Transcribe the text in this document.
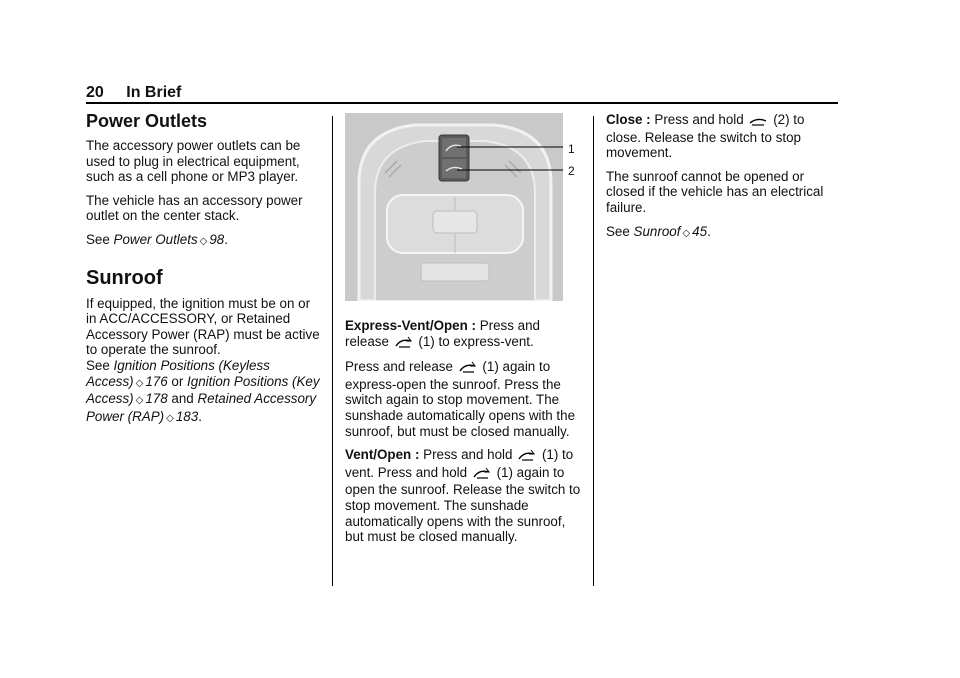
20 In Brief
Power Outlets

The accessory power outlets can be used to plug in electrical equipment, such as a cell phone or MP3 player.

The vehicle has an accessory power outlet on the center stack.

See Power Outlets ◇ 98.

Sunroof

If equipped, the ignition must be on or in ACC/ACCESSORY, or Retained Accessory Power (RAP) must be active to operate the sunroof.

See Ignition Positions (Keyless Access) ◇ 176 or Ignition Positions (Key Access) ◇ 178 and Retained Accessory Power (RAP) ◇ 183.

1
2

Express-Vent/Open : Press and release (1) to express-vent.

Press and release (1) again to express-open the sunroof. Press the switch again to stop movement. The sunshade automatically opens with the sunroof, but must be closed manually.

Vent/Open : Press and hold (1) to vent. Press and hold (1) again to open the sunroof. Release the switch to stop movement. The sunshade automatically opens with the sunroof, but must be closed manually.

Close : Press and hold (2) to close. Release the switch to stop movement.

The sunroof cannot be opened or closed if the vehicle has an electrical failure.

See Sunroof ◇ 45.
